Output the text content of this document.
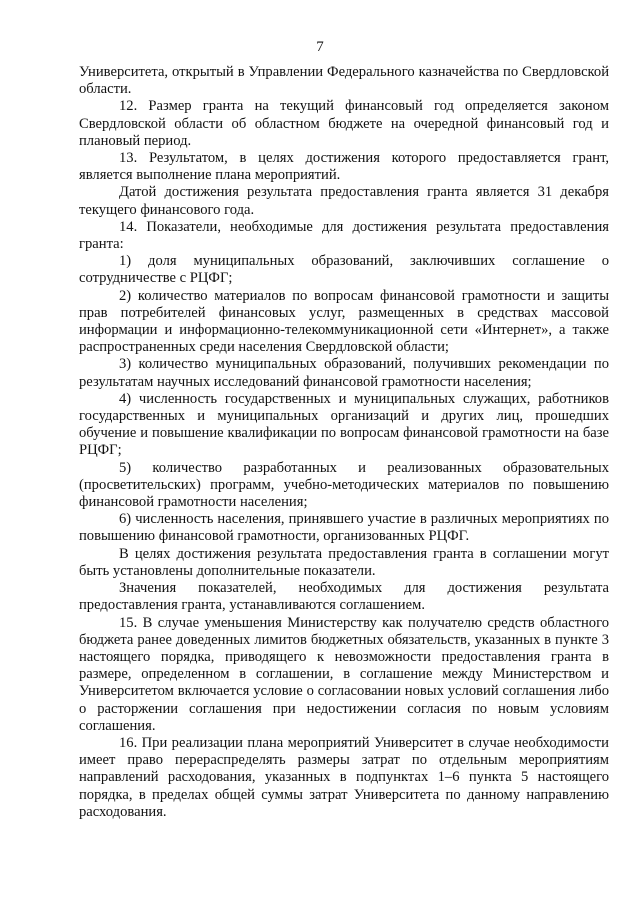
7

Университета, открытый в Управлении Федерального казначейства по Свердловской области.

12. Размер гранта на текущий финансовый год определяется законом Свердловской области об областном бюджете на очередной финансовый год и плановый период.

13. Результатом, в целях достижения которого предоставляется грант, является выполнение плана мероприятий.

Датой достижения результата предоставления гранта является 31 декабря текущего финансового года.

14. Показатели, необходимые для достижения результата предоставления гранта:

1) доля муниципальных образований, заключивших соглашение о сотрудничестве с РЦФГ;

2) количество материалов по вопросам финансовой грамотности и защиты прав потребителей финансовых услуг, размещенных в средствах массовой информации и информационно-телекоммуникационной сети «Интернет», а также распространенных среди населения Свердловской области;

3) количество муниципальных образований, получивших рекомендации по результатам научных исследований финансовой грамотности населения;

4) численность государственных и муниципальных служащих, работников государственных и муниципальных организаций и других лиц, прошедших обучение и повышение квалификации по вопросам финансовой грамотности на базе РЦФГ;

5) количество разработанных и реализованных образовательных (просветительских) программ, учебно-методических материалов по повышению финансовой грамотности населения;

6) численность населения, принявшего участие в различных мероприятиях по повышению финансовой грамотности, организованных РЦФГ.

В целях достижения результата предоставления гранта в соглашении могут быть установлены дополнительные показатели.

Значения показателей, необходимых для достижения результата предоставления гранта, устанавливаются соглашением.

15. В случае уменьшения Министерству как получателю средств областного бюджета ранее доведенных лимитов бюджетных обязательств, указанных в пункте 3 настоящего порядка, приводящего к невозможности предоставления гранта в размере, определенном в соглашении, в соглашение между Министерством и Университетом включается условие о согласовании новых условий соглашения либо о расторжении соглашения при недостижении согласия по новым условиям соглашения.

16. При реализации плана мероприятий Университет в случае необходимости имеет право перераспределять размеры затрат по отдельным мероприятиям направлений расходования, указанных в подпунктах 1–6 пункта 5 настоящего порядка, в пределах общей суммы затрат Университета по данному направлению расходования.
